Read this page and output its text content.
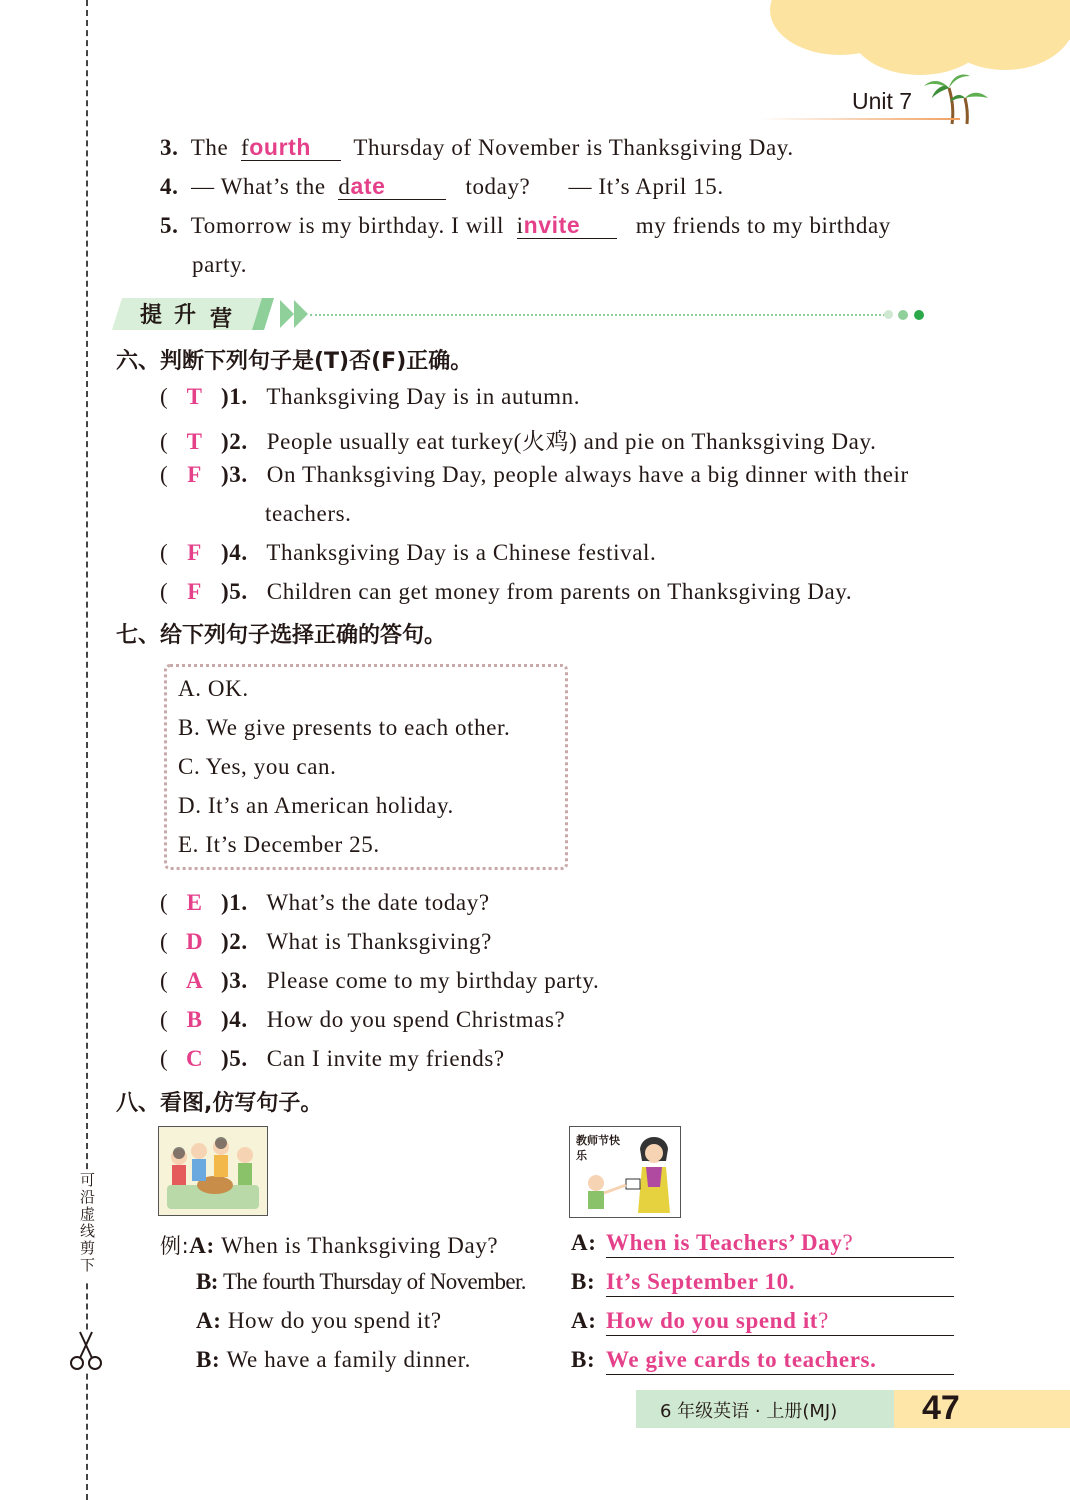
Unit 7
可沿虚线剪下
3. The fourth Thursday of November is Thanksgiving Day.
4. — What’s the date	today? — It’s April 15.
5. Tomorrow is my birthday. I will invite my friends to my birthday
party.
提 升 营
六、判断下列句子是(T)否(F)正确。
( T )1. Thanksgiving Day is in autumn.
( T )2. People usually eat turkey(火鸡) and pie on Thanksgiving Day.
( F )3. On Thanksgiving Day, people always have a big dinner with their
teachers.
( F )4. Thanksgiving Day is a Chinese festival.
( F )5. Children can get money from parents on Thanksgiving Day.
七、给下列句子选择正确的答句。
A. OK.
B. We give presents to each other.
C. Yes, you can.
D. It’s an American holiday.
E. It’s December 25.
( E )1. What’s the date today?
( D )2. What is Thanksgiving?
( A )3. Please come to my birthday party.
( B )4. How do you spend Christmas?
( C )5. Can I invite my friends?
八、看图,仿写句子。
教师节快乐
例:A: When is Thanksgiving Day?
B: The fourth Thursday of November.
A: How do you spend it?
B: We have a family dinner.
A: When is Teachers’ Day?
B: It’s September 10.
A: How do you spend it?
B: We give cards to teachers.
6 年级英语 · 上册(MJ) 47
